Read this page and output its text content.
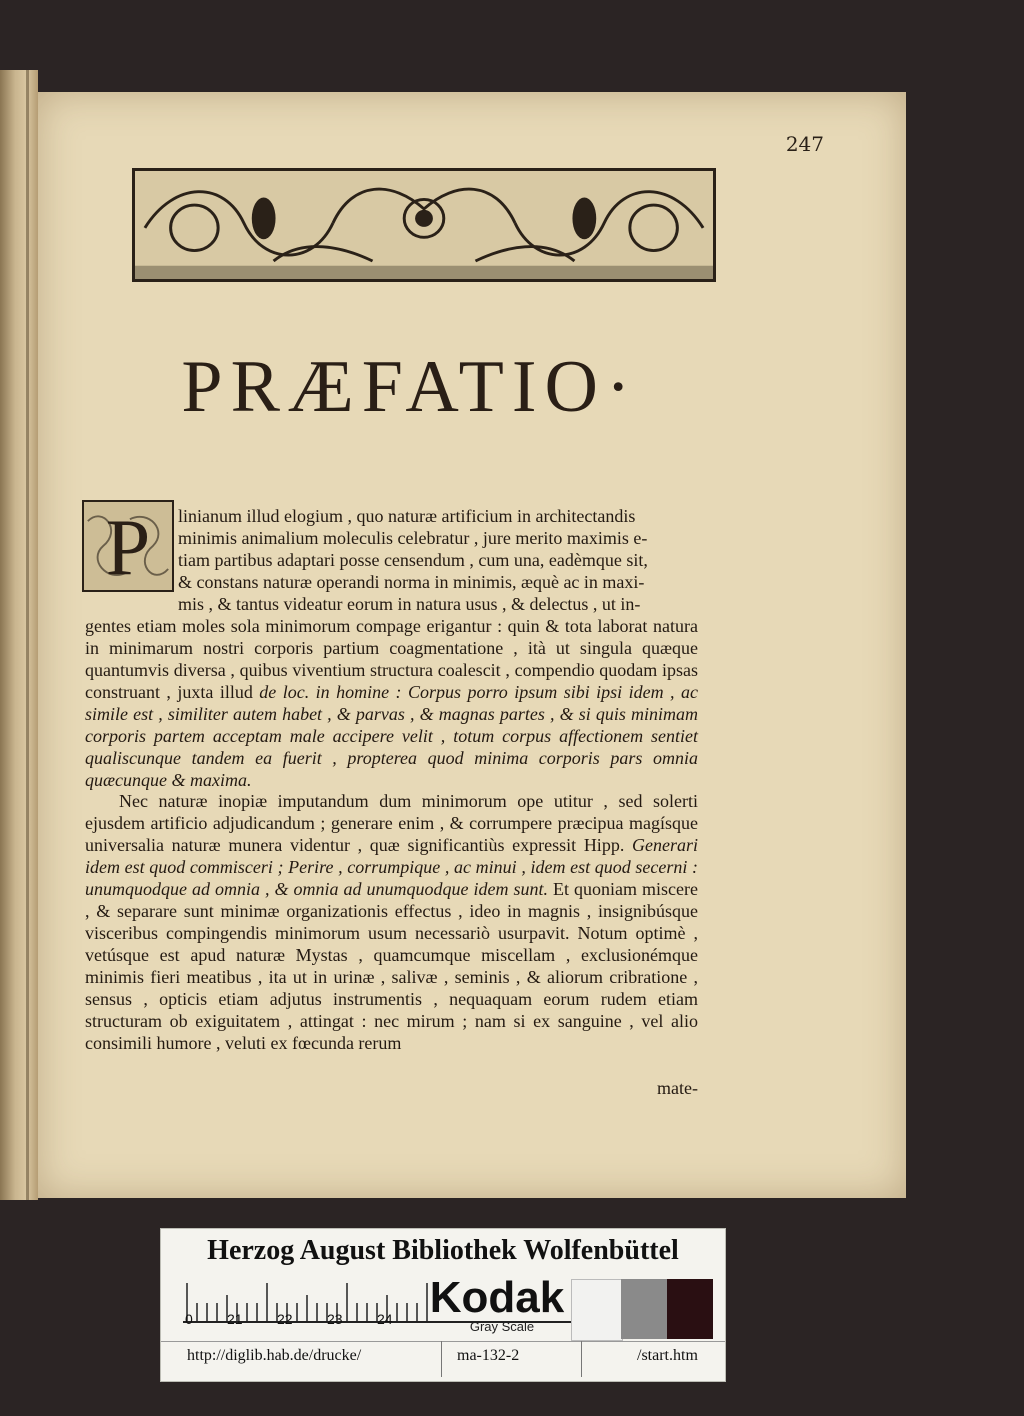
247
PRÆFATIO·
P	linianum illud elogium , quo naturæ artificium in architectandis
minimis animalium moleculis celebratur , jure merito maximis e-
tiam partibus adaptari posse censendum , cum una, eadèmque sit,
& constans naturæ operandi norma in minimis, æquè ac in maxi-
mis , & tantus videatur eorum in natura usus , & delectus , ut in-

gentes etiam moles sola minimorum compage erigantur : quin & tota laborat natura in minimarum nostri corporis partium coagmentatione , ità ut singula quæque quantumvis diversa , quibus viventium structura coalescit , compendio quodam ipsas construant , juxta illud de loc. in homine : Corpus porro ipsum sibi ipsi idem , ac simile est , similiter autem habet , & parvas , & magnas partes , & si quis minimam corporis partem acceptam male accipere velit , totum corpus affectionem sentiet qualiscunque tandem ea fuerit , propterea quod minima corporis pars omnia quæcunque & maxima.

Nec naturæ inopiæ imputandum dum minimorum ope utitur , sed solerti ejusdem artificio adjudicandum ; generare enim , & corrumpere præcipua magísque universalia naturæ munera videntur , quæ significantiùs expressit Hipp. Generari idem est quod commisceri ; Perire , corrumpique , ac minui , idem est quod secerni : unumquodque ad omnia , & omnia ad unumquodque idem sunt. Et quoniam miscere , & separare sunt minimæ organizationis effectus , ideo in magnis , insignibúsque visceribus compingendis minimorum usum necessariò usurpavit. Notum optimè , vetúsque est apud naturæ Mystas , quamcumque miscellam , exclusionémque minimis fieri meatibus , ita ut in urinæ , salivæ , seminis , & aliorum cribratione , sensus , opticis etiam adjutus instrumentis , nequaquam eorum rudem etiam structuram ob exiguitatem , attingat : nec mirum ; nam si ex sanguine , vel alio consimili humore , veluti ex fœcunda rerum

mate-
Herzog August Bibliothek Wolfenbüttel
0 21 22 23 24 Kodak
Gray Scale
http://diglib.hab.de/drucke/	ma-132-2	/start.htm
